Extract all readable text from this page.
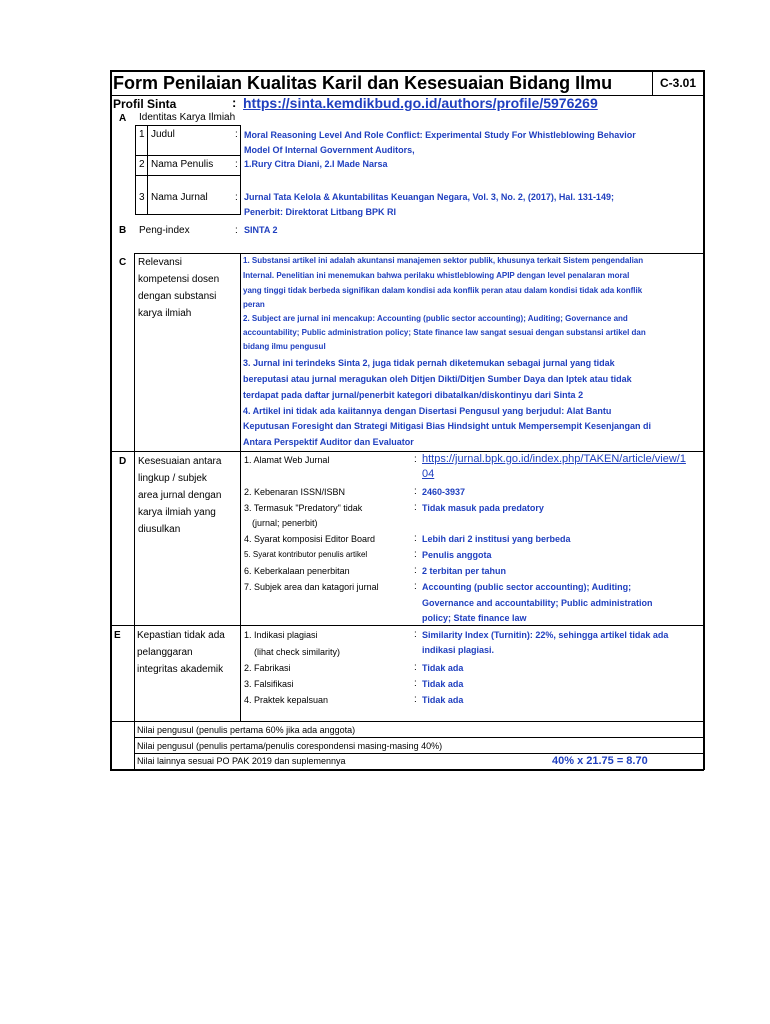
Form Penilaian Kualitas Karil dan Kesesuaian Bidang Ilmu	C-3.01
Profil Sinta	: https://sinta.kemdikbud.go.id/authors/profile/5976269
A Identitas Karya Ilmiah
1 Judul	: Moral Reasoning Level And Role Conflict: Experimental Study For Whistleblowing Behavior
Model Of Internal Government Auditors,
2 Nama Penulis : 1.Rury Citra Diani, 2.I Made Narsa
3 Nama Jurnal	: Jurnal Tata Kelola & Akuntabilitas Keuangan Negara, Vol. 3, No. 2, (2017), Hal. 131-149;
Penerbit: Direktorat Litbang BPK RI
B Peng-index	: SINTA 2
C Relevansi
kompetensi dosen
dengan substansi
karya ilmiah
1. Substansi artikel ini adalah akuntansi manajemen sektor publik, khusunya terkait Sistem pengendalian
Internal. Penelitian ini menemukan bahwa perilaku whistleblowing APIP dengan level penalaran moral
yang tinggi tidak berbeda signifikan dalam kondisi ada konflik peran atau dalam kondisi tidak ada konflik
peran
2. Subject are jurnal ini mencakup: Accounting (public sector accounting); Auditing; Governance and
accountability; Public administration policy; State finance law sangat sesuai dengan substansi artikel dan
bidang ilmu pengusul
3. Jurnal ini terindeks Sinta 2, juga tidak pernah diketemukan sebagai jurnal yang tidak
bereputasi atau jurnal meragukan oleh Ditjen Dikti/Ditjen Sumber Daya dan Iptek atau tidak
terdapat pada daftar jurnal/penerbit kategori dibatalkan/diskontinyu dari Sinta 2
4. Artikel ini tidak ada kaiitannya dengan Disertasi Pengusul yang berjudul: Alat Bantu
Keputusan Foresight dan Strategi Mitigasi Bias Hindsight untuk Mempersempit Kesenjangan di
Antara Perspektif Auditor dan Evaluator
D Kesesuaian antara
lingkup / subjek
area jurnal dengan
karya ilmiah yang
diusulkan
1. Alamat Web Jurnal	: https://jurnal.bpk.go.id/index.php/TAKEN/article/view/1
04
2. Kebenaran ISSN/ISBN	: 2460-3937
3. Termasuk "Predatory" tidak
(jurnal; penerbit)
: Tidak masuk pada predatory
4. Syarat komposisi Editor Board	: Lebih dari 2 institusi yang berbeda
5. Syarat kontributor penulis artikel	: Penulis anggota
6. Keberkalaan penerbitan	: 2 terbitan per tahun
7. Subjek area dan katagori jurnal	: Accounting (public sector accounting); Auditing;
Governance and accountability; Public administration
policy; State finance law
E Kepastian tidak ada
pelanggaran
integritas akademik
1. Indikasi plagiasi
(lihat check similarity)
: Similarity Index (Turnitin): 22%, sehingga artikel tidak ada
indikasi plagiasi.
2. Fabrikasi	: Tidak ada
3. Falsifikasi	: Tidak ada
4. Praktek kepalsuan	: Tidak ada
Nilai pengusul (penulis pertama 60% jika ada anggota)
Nilai pengusul (penulis pertama/penulis corespondensi masing-masing 40%)
Nilai lainnya sesuai PO PAK 2019 dan suplemennya	40% x 21.75 = 8.70
